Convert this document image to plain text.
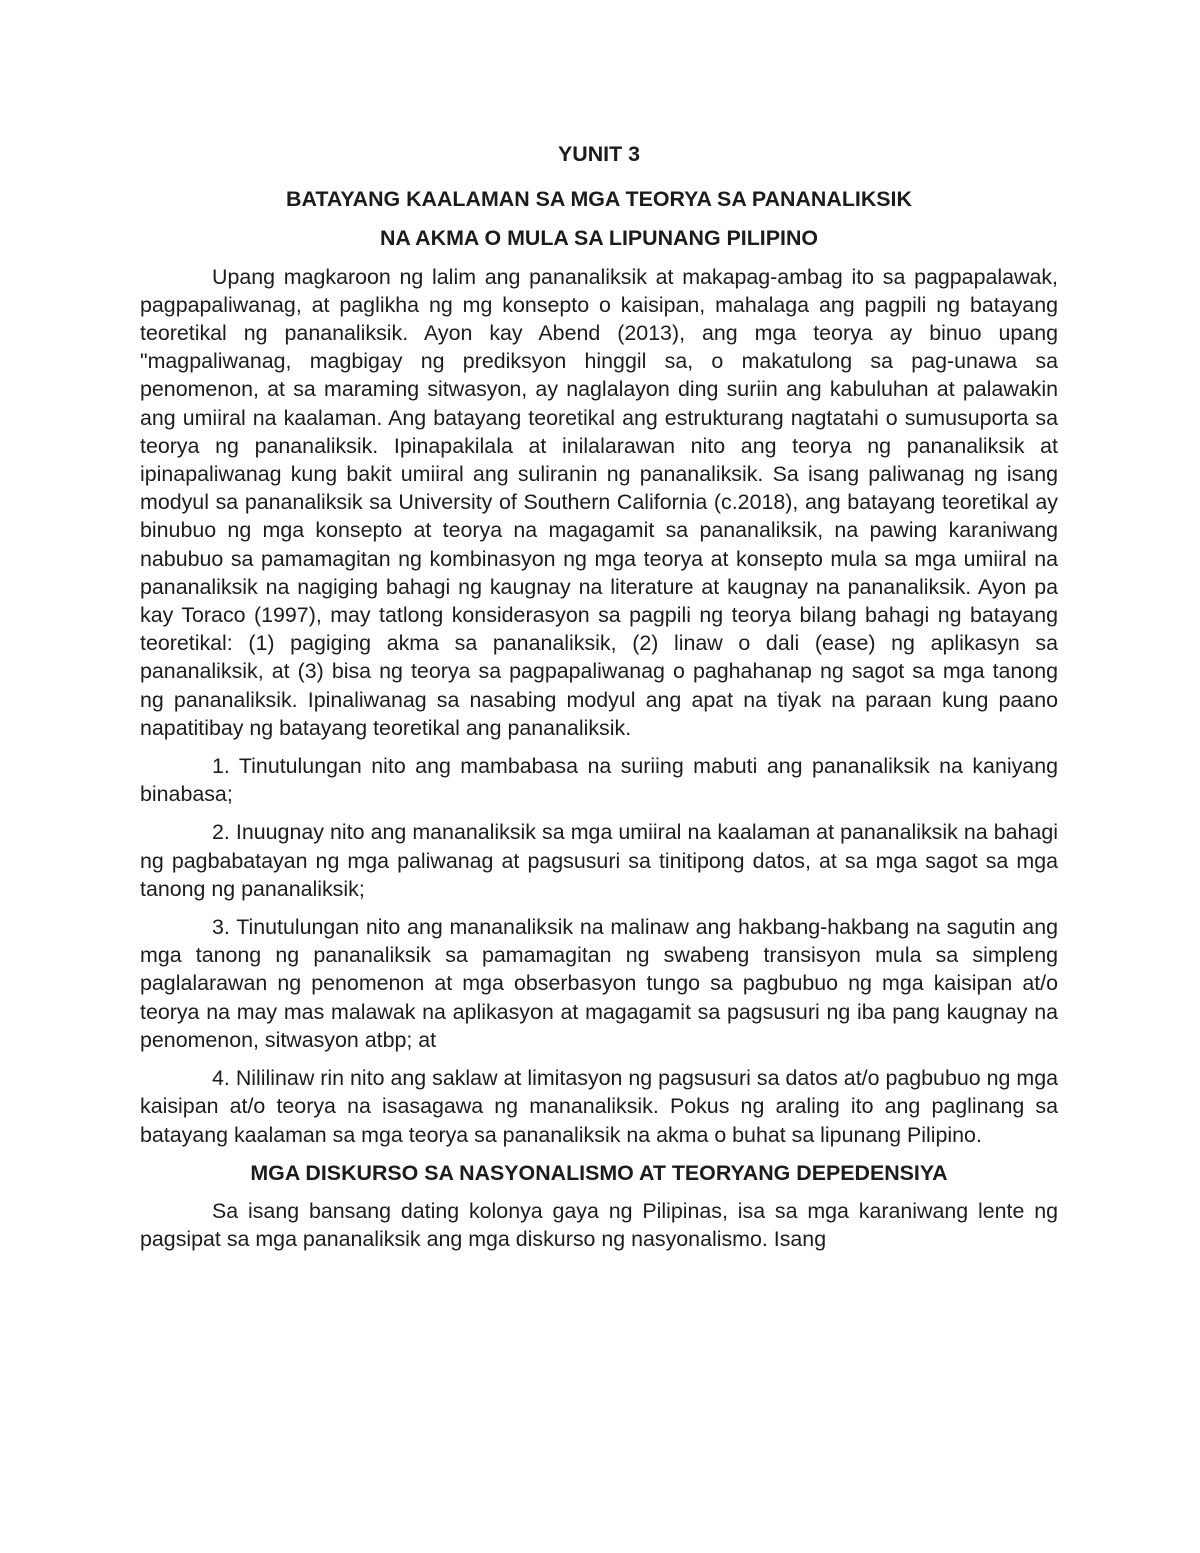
YUNIT 3

BATAYANG KAALAMAN SA MGA TEORYA SA PANANALIKSIK

NA AKMA O MULA SA LIPUNANG PILIPINO

Upang magkaroon ng lalim ang pananaliksik at makapag-ambag ito sa pagpapalawak, pagpapaliwanag, at paglikha ng mg konsepto o kaisipan, mahalaga ang pagpili ng batayang teoretikal ng pananaliksik. Ayon kay Abend (2013), ang mga teorya ay binuo upang "magpaliwanag, magbigay ng prediksyon hinggil sa, o makatulong sa pag-unawa sa penomenon, at sa maraming sitwasyon, ay naglalayon ding suriin ang kabuluhan at palawakin ang umiiral na kaalaman. Ang batayang teoretikal ang estrukturang nagtatahi o sumusuporta sa teorya ng pananaliksik. Ipinapakilala at inilalarawan nito ang teorya ng pananaliksik at ipinapaliwanag kung bakit umiiral ang suliranin ng pananaliksik. Sa isang paliwanag ng isang modyul sa pananaliksik sa University of Southern California (c.2018), ang batayang teoretikal ay binubuo ng mga konsepto at teorya na magagamit sa pananaliksik, na pawing karaniwang nabubuo sa pamamagitan ng kombinasyon ng mga teorya at konsepto mula sa mga umiiral na pananaliksik na nagiging bahagi ng kaugnay na literature at kaugnay na pananaliksik. Ayon pa kay Toraco (1997), may tatlong konsiderasyon sa pagpili ng teorya bilang bahagi ng batayang teoretikal: (1) pagiging akma sa pananaliksik, (2) linaw o dali (ease) ng aplikasyn sa pananaliksik, at (3) bisa ng teorya sa pagpapaliwanag o paghahanap ng sagot sa mga tanong ng pananaliksik. Ipinaliwanag sa nasabing modyul ang apat na tiyak na paraan kung paano napatitibay ng batayang teoretikal ang pananaliksik.

1. Tinutulungan nito ang mambabasa na suriing mabuti ang pananaliksik na kaniyang binabasa;

2. Inuugnay nito ang mananaliksik sa mga umiiral na kaalaman at pananaliksik na bahagi ng pagbabatayan ng mga paliwanag at pagsusuri sa tinitipong datos, at sa mga sagot sa mga tanong ng pananaliksik;

3. Tinutulungan nito ang mananaliksik na malinaw ang hakbang-hakbang na sagutin ang mga tanong ng pananaliksik sa pamamagitan ng swabeng transisyon mula sa simpleng paglalarawan ng penomenon at mga obserbasyon tungo sa pagbubuo ng mga kaisipan at/o teorya na may mas malawak na aplikasyon at magagamit sa pagsusuri ng iba pang kaugnay na penomenon, sitwasyon atbp; at

4. Nililinaw rin nito ang saklaw at limitasyon ng pagsusuri sa datos at/o pagbubuo ng mga kaisipan at/o teorya na isasagawa ng mananaliksik. Pokus ng araling ito ang paglinang sa batayang kaalaman sa mga teorya sa pananaliksik na akma o buhat sa lipunang Pilipino.

MGA DISKURSO SA NASYONALISMO AT TEORYANG DEPEDENSIYA

Sa isang bansang dating kolonya gaya ng Pilipinas, isa sa mga karaniwang lente ng pagsipat sa mga pananaliksik ang mga diskurso ng nasyonalismo. Isang
